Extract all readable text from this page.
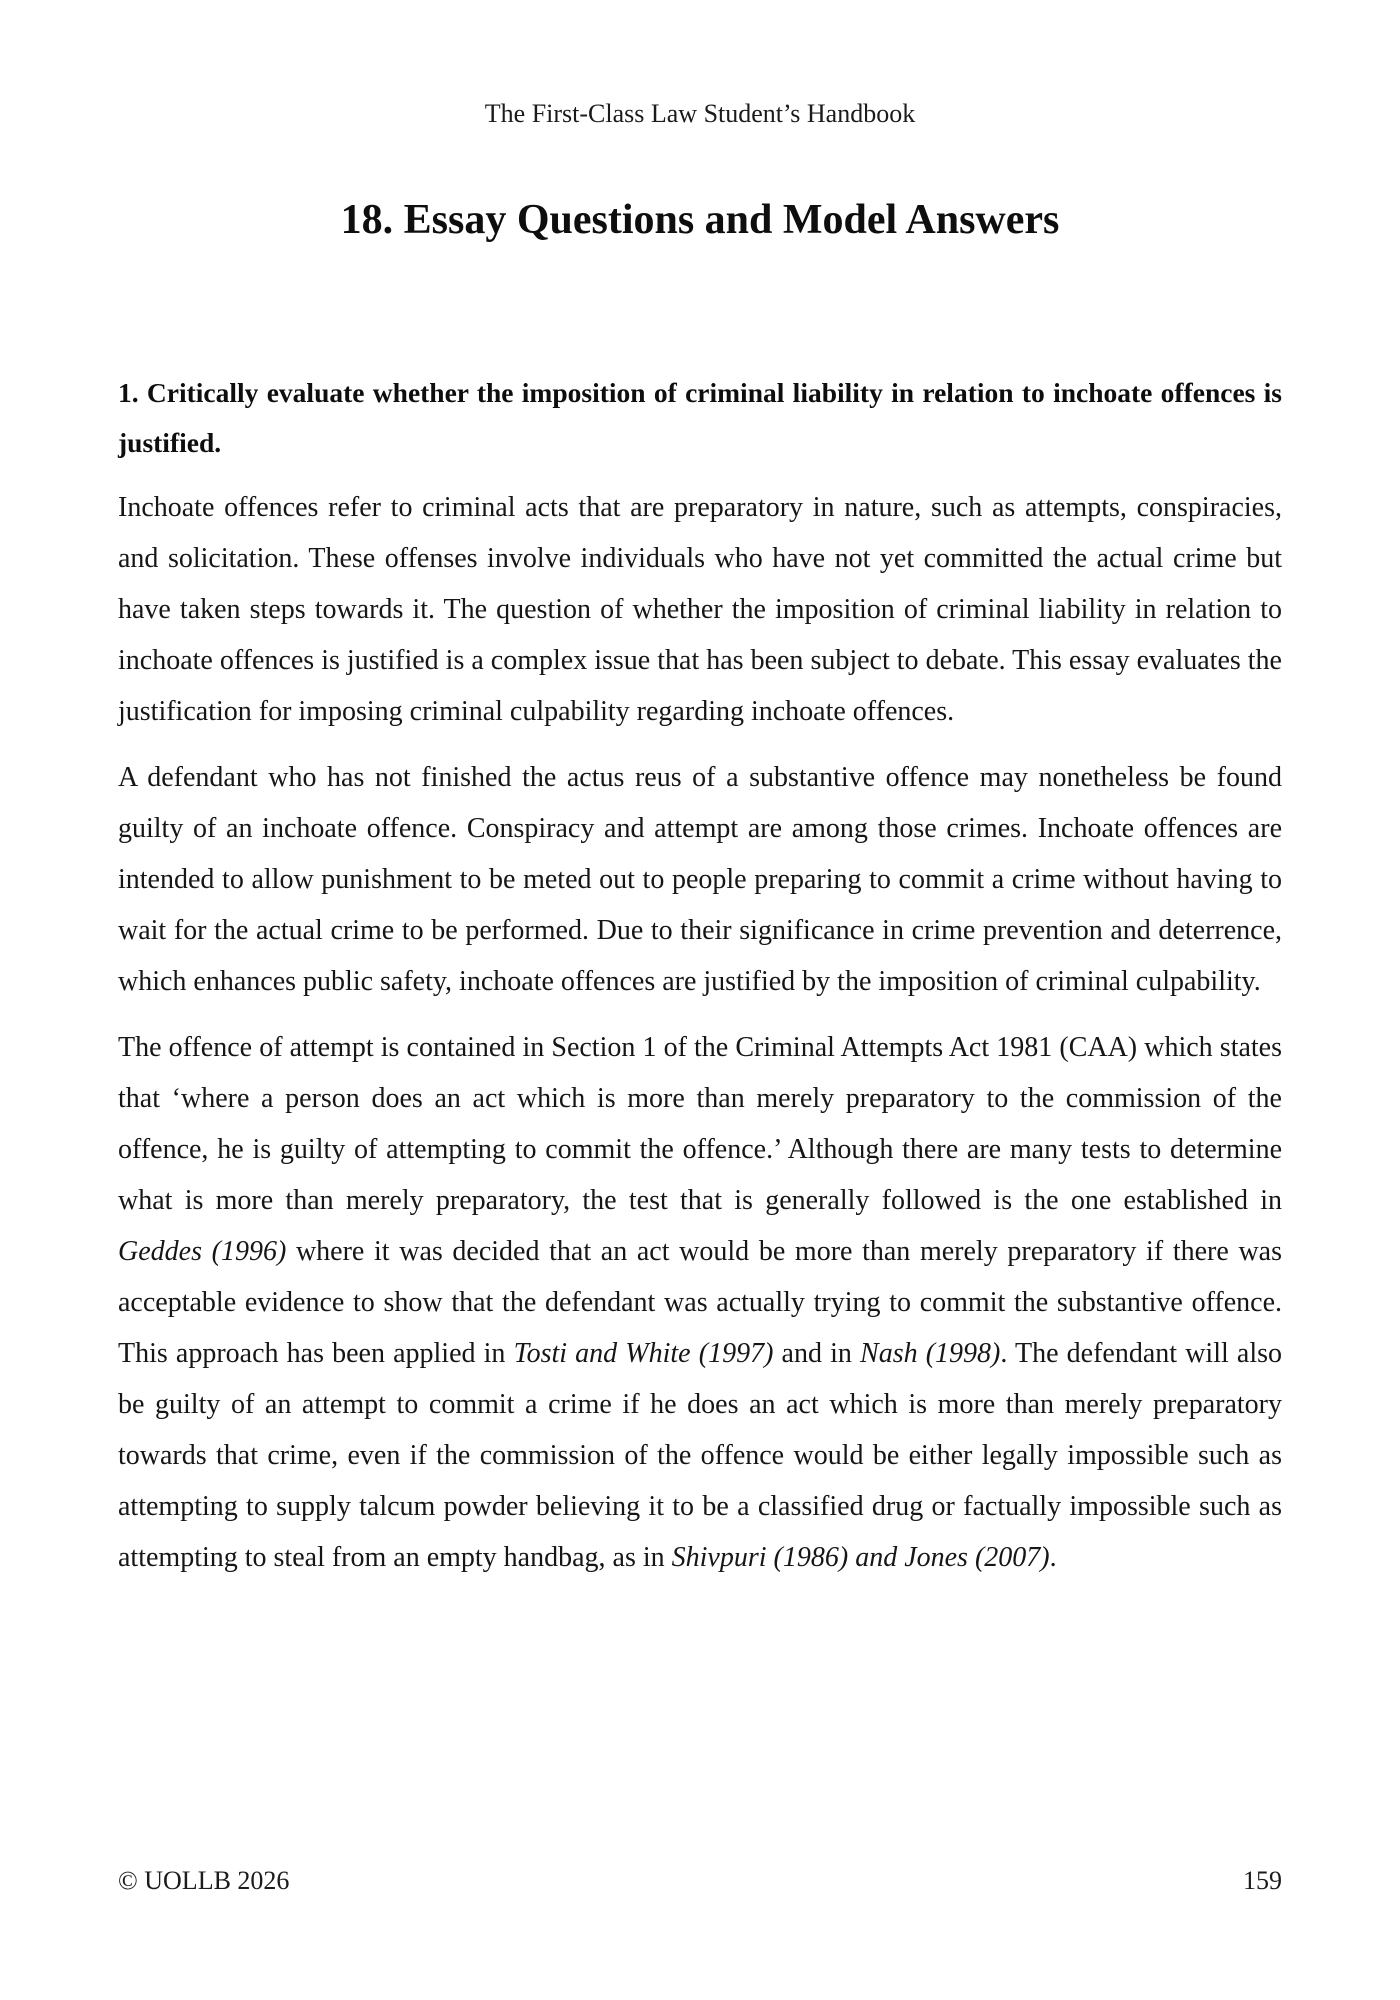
The First-Class Law Student’s Handbook
18. Essay Questions and Model Answers
1. Critically evaluate whether the imposition of criminal liability in relation to inchoate offences is justified.

Inchoate offences refer to criminal acts that are preparatory in nature, such as attempts, conspiracies, and solicitation. These offenses involve individuals who have not yet committed the actual crime but have taken steps towards it. The question of whether the imposition of criminal liability in relation to inchoate offences is justified is a complex issue that has been subject to debate. This essay evaluates the justification for imposing criminal culpability regarding inchoate offences.

A defendant who has not finished the actus reus of a substantive offence may nonetheless be found guilty of an inchoate offence. Conspiracy and attempt are among those crimes. Inchoate offences are intended to allow punishment to be meted out to people preparing to commit a crime without having to wait for the actual crime to be performed. Due to their significance in crime prevention and deterrence, which enhances public safety, inchoate offences are justified by the imposition of criminal culpability.

The offence of attempt is contained in Section 1 of the Criminal Attempts Act 1981 (CAA) which states that ‘where a person does an act which is more than merely preparatory to the commission of the offence, he is guilty of attempting to commit the offence.’ Although there are many tests to determine what is more than merely preparatory, the test that is generally followed is the one established in Geddes (1996) where it was decided that an act would be more than merely preparatory if there was acceptable evidence to show that the defendant was actually trying to commit the substantive offence. This approach has been applied in Tosti and White (1997) and in Nash (1998). The defendant will also be guilty of an attempt to commit a crime if he does an act which is more than merely preparatory towards that crime, even if the commission of the offence would be either legally impossible such as attempting to supply talcum powder believing it to be a classified drug or factually impossible such as attempting to steal from an empty handbag, as in Shivpuri (1986) and Jones (2007).

© UOLLB 2026	159
